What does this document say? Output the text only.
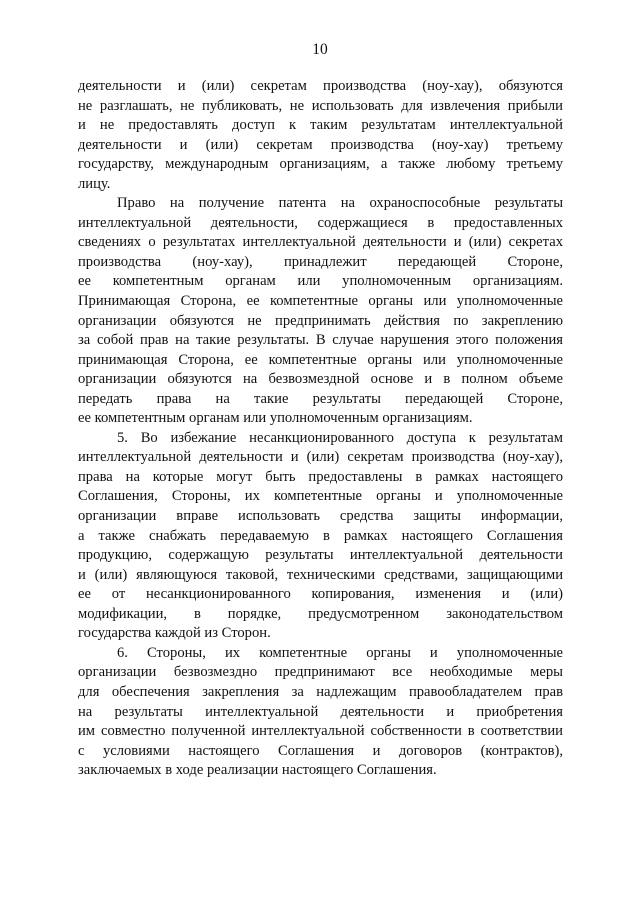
10
деятельности и (или) секретам производства (ноу-хау), обязуются
не разглашать, не публиковать, не использовать для извлечения прибыли
и не предоставлять доступ к таким результатам интеллектуальной
деятельности и (или) секретам производства (ноу-хау) третьему
государству, международным организациям, а также любому третьему
лицу.
Право на получение патента на охраноспособные результаты
интеллектуальной деятельности, содержащиеся в предоставленных
сведениях о результатах интеллектуальной деятельности и (или) секретах
производства (ноу-хау), принадлежит передающей Стороне,
ее компетентным органам или уполномоченным организациям.
Принимающая Сторона, ее компетентные органы или уполномоченные
организации обязуются не предпринимать действия по закреплению
за собой прав на такие результаты. В случае нарушения этого положения
принимающая Сторона, ее компетентные органы или уполномоченные
организации обязуются на безвозмездной основе и в полном объеме
передать права на такие результаты передающей Стороне,
ее компетентным органам или уполномоченным организациям.
5. Во избежание несанкционированного доступа к результатам
интеллектуальной деятельности и (или) секретам производства (ноу-хау),
права на которые могут быть предоставлены в рамках настоящего
Соглашения, Стороны, их компетентные органы и уполномоченные
организации вправе использовать средства защиты информации,
а также снабжать передаваемую в рамках настоящего Соглашения
продукцию, содержащую результаты интеллектуальной деятельности
и (или) являющуюся таковой, техническими средствами, защищающими
ее от несанкционированного копирования, изменения и (или)
модификации, в порядке, предусмотренном законодательством
государства каждой из Сторон.
6. Стороны, их компетентные органы и уполномоченные
организации безвозмездно предпринимают все необходимые меры
для обеспечения закрепления за надлежащим правообладателем прав
на результаты интеллектуальной деятельности и приобретения
им совместно полученной интеллектуальной собственности в соответствии
с условиями настоящего Соглашения и договоров (контрактов),
заключаемых в ходе реализации настоящего Соглашения.
